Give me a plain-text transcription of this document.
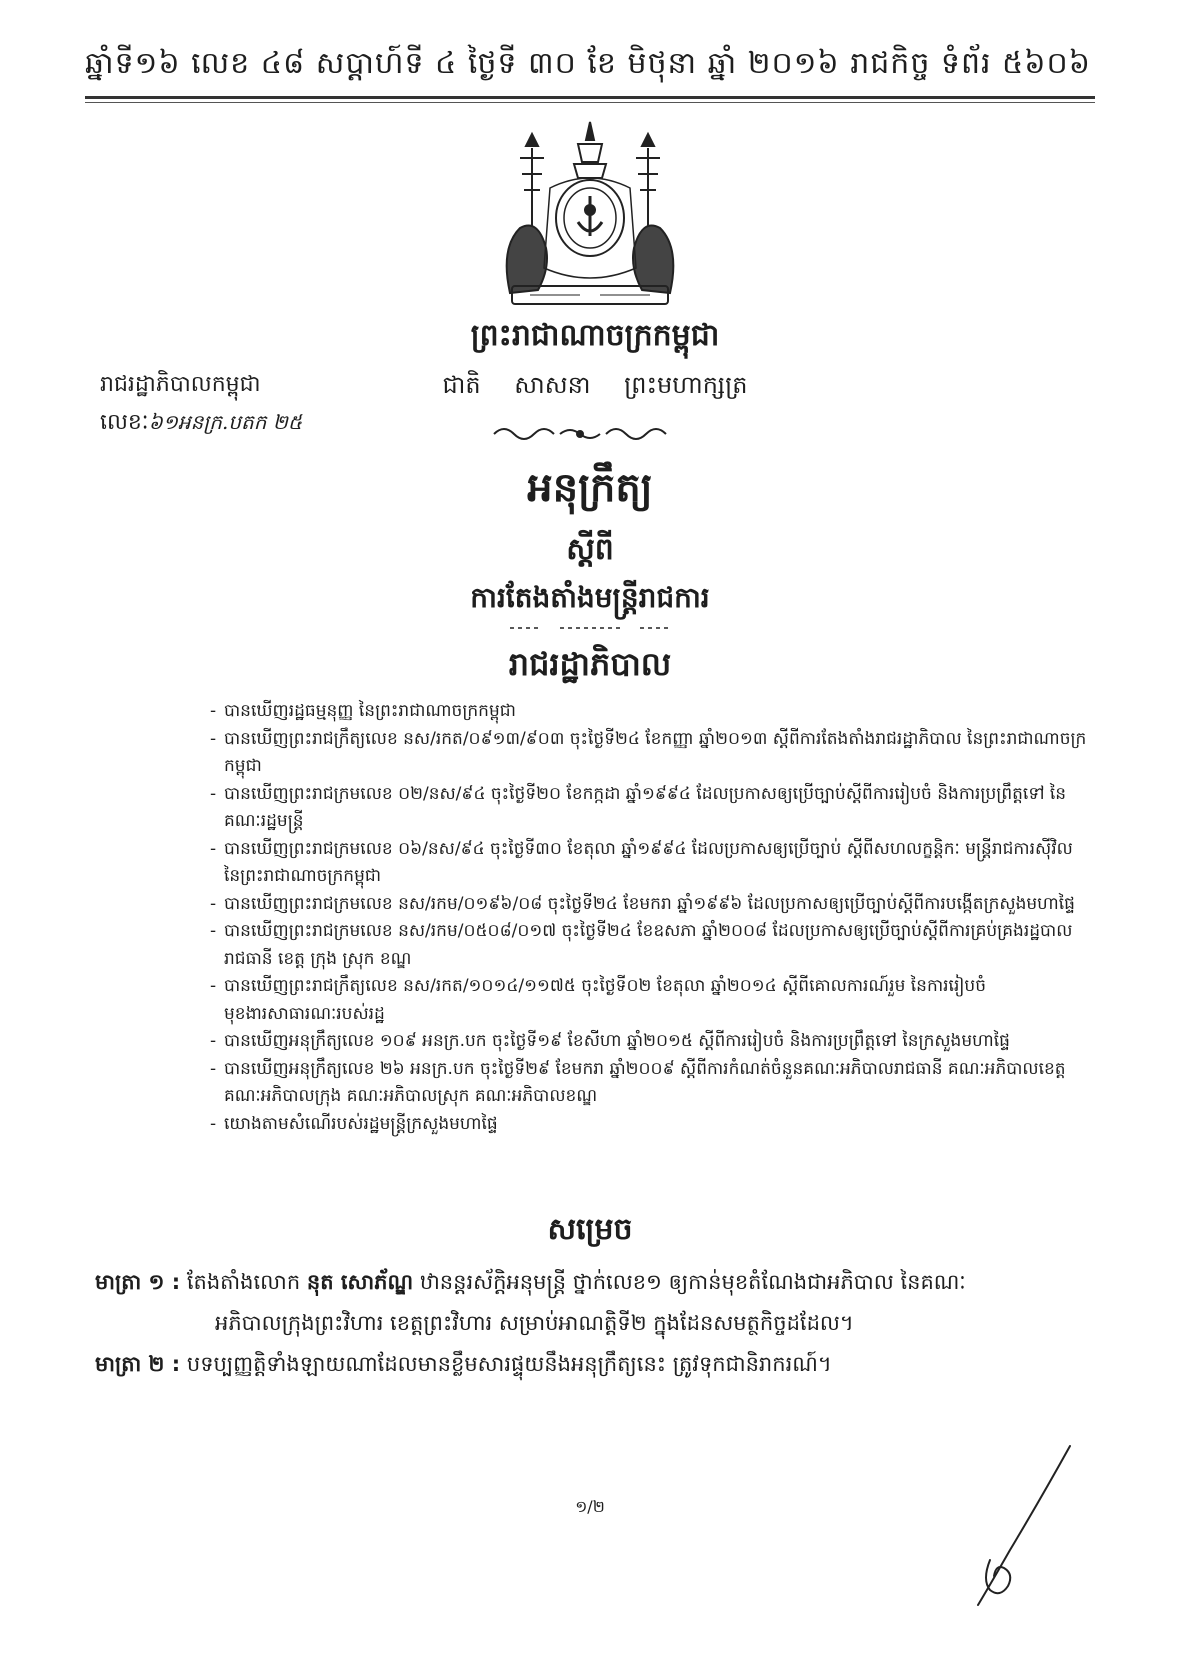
ឆ្នាំទី១៦ លេខ ៤៨ សប្ដាហ៍ទី ៤ ថ្ងៃទី ៣០ ខែ មិថុនា ឆ្នាំ ២០១៦ រាជកិច្ច ទំព័រ ៥៦០៦
ព្រះរាជាណាចក្រកម្ពុជា
ជាតិ សាសនា ព្រះមហាក្សត្រ
រាជរដ្ឋាភិបាលកម្ពុជា
លេខៈ៦១អនក្រ.បតក ២៥
អនុក្រឹត្យ
ស្ដីពី
ការតែងតាំងមន្ត្រីរាជការ
រាជរដ្ឋាភិបាល
- បានឃើញរដ្ឋធម្មនុញ្ញ នៃព្រះរាជាណាចក្រកម្ពុជា
- បានឃើញព្រះរាជក្រឹត្យលេខ នស/រកត/០៩១៣/៩០៣ ចុះថ្ងៃទី២៤ ខែកញ្ញា ឆ្នាំ២០១៣ ស្ដីពីការតែងតាំងរាជរដ្ឋាភិបាល នៃព្រះរាជាណាចក្រកម្ពុជា
- បានឃើញព្រះរាជក្រមលេខ ០២/នស/៩៤ ចុះថ្ងៃទី២០ ខែកក្កដា ឆ្នាំ១៩៩៤ ដែលប្រកាសឲ្យប្រើច្បាប់ស្ដីពីការរៀបចំ និងការប្រព្រឹត្តទៅ នៃគណៈរដ្ឋមន្ត្រី
- បានឃើញព្រះរាជក្រមលេខ ០៦/នស/៩៤ ចុះថ្ងៃទី៣០ ខែតុលា ឆ្នាំ១៩៩៤ ដែលប្រកាសឲ្យប្រើច្បាប់ ស្ដីពីសហលក្ខន្តិកៈ មន្ត្រីរាជការស៊ីវិល នៃព្រះរាជាណាចក្រកម្ពុជា
- បានឃើញព្រះរាជក្រមលេខ នស/រកម/០១៩៦/០៨ ចុះថ្ងៃទី២៤ ខែមករា ឆ្នាំ១៩៩៦ ដែលប្រកាសឲ្យប្រើច្បាប់ស្ដីពីការបង្កើតក្រសួងមហាផ្ទៃ
- បានឃើញព្រះរាជក្រមលេខ នស/រកម/០៥០៨/០១៧ ចុះថ្ងៃទី២៤ ខែឧសភា ឆ្នាំ២០០៨ ដែលប្រកាសឲ្យប្រើច្បាប់ស្ដីពីការគ្រប់គ្រងរដ្ឋបាលរាជធានី ខេត្ត ក្រុង ស្រុក ខណ្ឌ
- បានឃើញព្រះរាជក្រឹត្យលេខ នស/រកត/១០១៤/១១៧៥ ចុះថ្ងៃទី០២ ខែតុលា ឆ្នាំ២០១៤ ស្ដីពីគោលការណ៍រួម នៃការរៀបចំមុខងារសាធារណៈរបស់រដ្ឋ
- បានឃើញអនុក្រឹត្យលេខ ១០៩ អនក្រ.បក ចុះថ្ងៃទី១៩ ខែសីហា ឆ្នាំ២០១៥ ស្ដីពីការរៀបចំ និងការប្រព្រឹត្តទៅ នៃក្រសួងមហាផ្ទៃ
- បានឃើញអនុក្រឹត្យលេខ ២៦ អនក្រ.បក ចុះថ្ងៃទី២៩ ខែមករា ឆ្នាំ២០០៩ ស្ដីពីការកំណត់ចំនួនគណៈអភិបាលរាជធានី គណៈអភិបាលខេត្ត គណៈអភិបាលក្រុង គណៈអភិបាលស្រុក គណៈអភិបាលខណ្ឌ
- យោងតាមសំណើរបស់រដ្ឋមន្ត្រីក្រសួងមហាផ្ទៃ
សម្រេច
មាត្រា ១ : តែងតាំងលោក នុត សោភ័ណ្ឌ ឋានន្តរស័ក្តិអនុមន្ត្រី ថ្នាក់លេខ១ ឲ្យកាន់មុខតំណែងជាអភិបាល នៃគណៈ
អភិបាលក្រុងព្រះវិហារ ខេត្តព្រះវិហារ សម្រាប់អាណត្តិទី២ ក្នុងដែនសមត្ថកិច្ចដដែល។
មាត្រា ២ : បទប្បញ្ញត្តិទាំងឡាយណាដែលមានខ្លឹមសារផ្ទុយនឹងអនុក្រឹត្យនេះ ត្រូវទុកជានិរាករណ៍។
១/២
